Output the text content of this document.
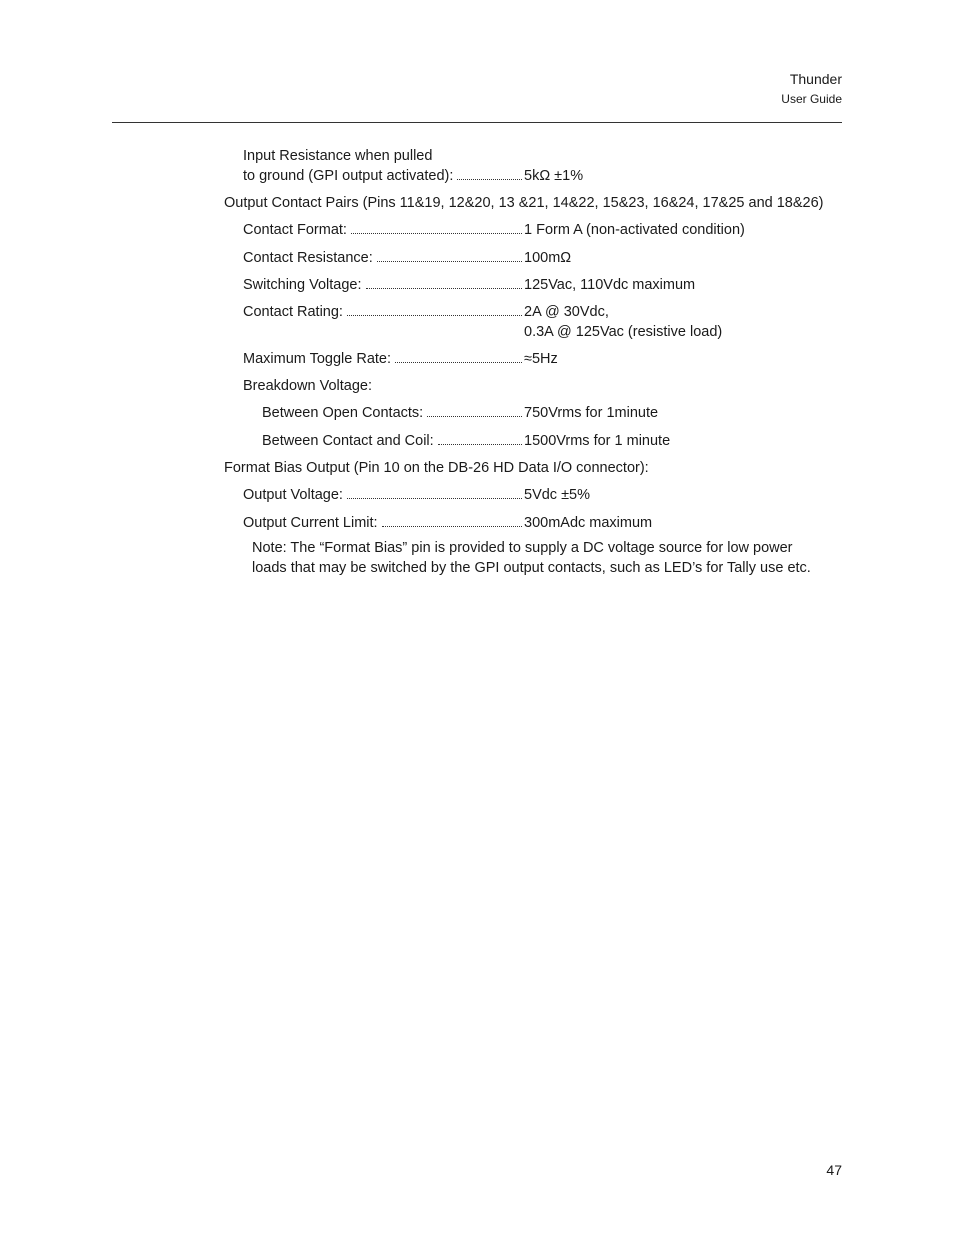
Thunder
User Guide
Input Resistance when pulled
to ground (GPI output activated):	5kΩ ±1%
Output Contact Pairs (Pins 11&19, 12&20, 13 &21, 14&22, 15&23, 16&24, 17&25 and 18&26)
Contact Format:	1 Form A (non-activated condition)
Contact Resistance:	100mΩ
Switching Voltage:	125Vac, 110Vdc maximum
Contact Rating:	2A @ 30Vdc,
0.3A @ 125Vac (resistive load)
Maximum Toggle Rate:	≈5Hz
Breakdown Voltage:
Between Open Contacts:	750Vrms for 1minute
Between Contact and Coil:	1500Vrms for 1 minute
Format Bias Output (Pin 10 on the DB-26 HD Data I/O connector):
Output Voltage:	5Vdc ±5%
Output Current Limit:	300mAdc maximum
Note: The “Format Bias” pin is provided to supply a DC voltage source for low power
loads that may be switched by the GPI output contacts, such as LED’s for Tally use etc.
47
